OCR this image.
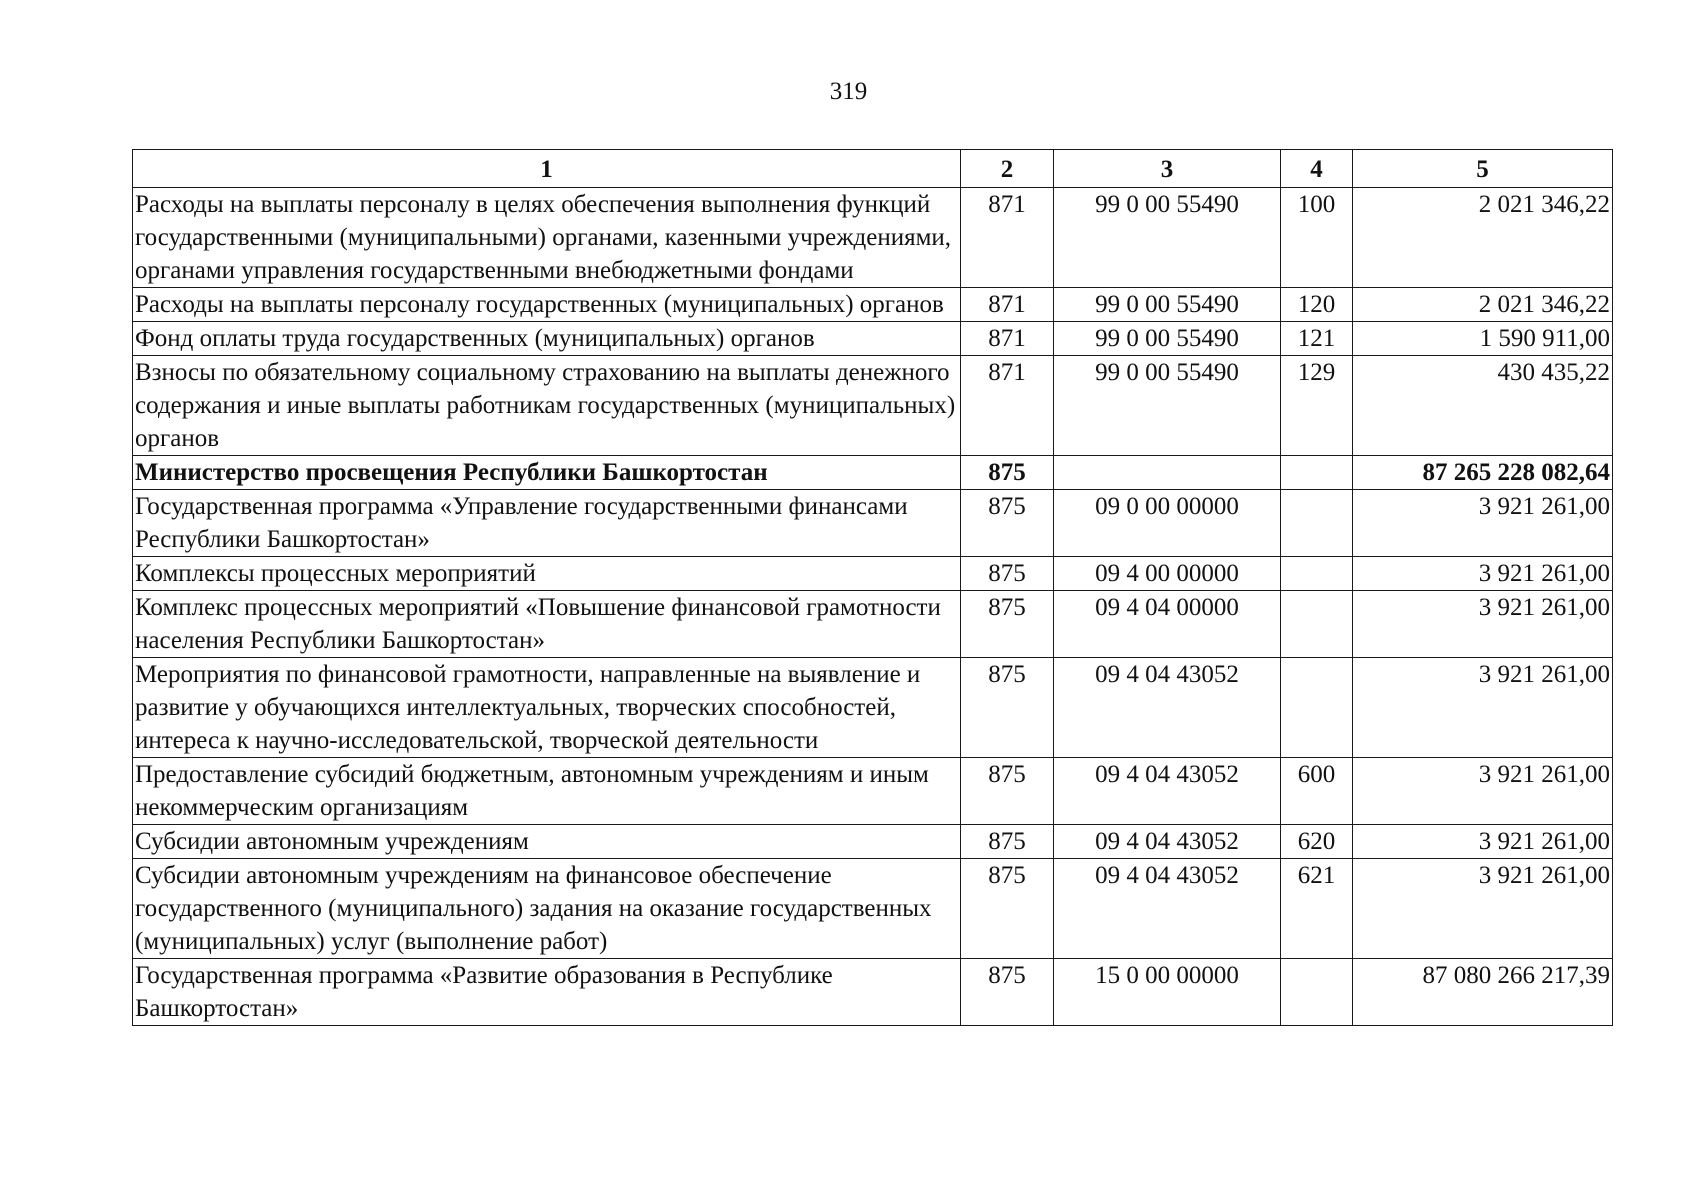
319
1	2	3	4	5
Расходы на выплаты персоналу в целях обеспечения выполнения функций государственными (муниципальными) органами, казенными учреждениями, органами управления государственными внебюджетными фондами	871	99 0 00 55490	100	2 021 346,22
Расходы на выплаты персоналу государственных (муниципальных) органов	871	99 0 00 55490	120	2 021 346,22
Фонд оплаты труда государственных (муниципальных) органов	871	99 0 00 55490	121	1 590 911,00
Взносы по обязательному социальному страхованию на выплаты денежного содержания и иные выплаты работникам государственных (муниципальных) органов	871	99 0 00 55490	129	430 435,22
Министерство просвещения Республики Башкортостан	875			87 265 228 082,64
Государственная программа «Управление государственными финансами Республики Башкортостан»	875	09 0 00 00000		3 921 261,00
Комплексы процессных мероприятий	875	09 4 00 00000		3 921 261,00
Комплекс процессных мероприятий «Повышение финансовой грамотности населения Республики Башкортостан»	875	09 4 04 00000		3 921 261,00
Мероприятия по финансовой грамотности, направленные на выявление и развитие у обучающихся интеллектуальных, творческих способностей, интереса к научно-исследовательской, творческой деятельности	875	09 4 04 43052		3 921 261,00
Предоставление субсидий бюджетным, автономным учреждениям и иным некоммерческим организациям	875	09 4 04 43052	600	3 921 261,00
Субсидии автономным учреждениям	875	09 4 04 43052	620	3 921 261,00
Субсидии автономным учреждениям на финансовое обеспечение государственного (муниципального) задания на оказание государственных (муниципальных) услуг (выполнение работ)	875	09 4 04 43052	621	3 921 261,00
Государственная программа «Развитие образования в Республике Башкортостан»	875	15 0 00 00000		87 080 266 217,39
